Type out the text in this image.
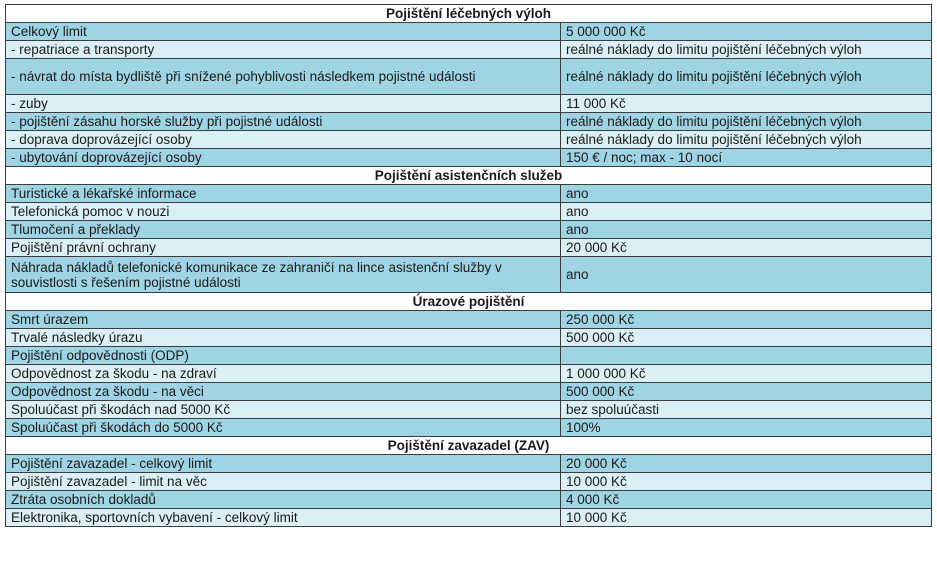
Pojištění léčebných výloh	
Celkový limit	5 000 000 Kč
- repatriace a transporty	reálné náklady do limitu pojištění léčebných výloh
- návrat do místa bydliště při snížené pohyblivosti následkem pojistné události	reálné náklady do limitu pojištění léčebných výloh
- zuby	11 000 Kč
- pojištění zásahu horské služby při pojistné události	reálné náklady do limitu pojištění léčebných výloh
- doprava doprovázející osoby	reálné náklady do limitu pojištění léčebných výloh
- ubytování doprovázející osoby	150 € / noc; max - 10 nocí
Pojištění asistenčních služeb	
Turistické a lékařské informace	ano
Telefonická pomoc v nouzi	ano
Tlumočení a překlady	ano
Pojištění právní ochrany	20 000 Kč
Náhrada nákladů telefonické komunikace ze zahraničí na lince asistenční služby v souvistlosti s řešením pojistné události	ano
Úrazové pojištění	
Smrt úrazem	250 000 Kč
Trvalé následky úrazu	500 000 Kč
Pojištění odpovědnosti (ODP)	
Odpovědnost za škodu - na zdraví	1 000 000 Kč
Odpovědnost za škodu - na věci	500 000 Kč
Spoluúčast při škodách nad 5000 Kč	bez spoluúčasti
Spoluúčast při škodách do 5000 Kč	100%
Pojištění zavazadel (ZAV)	
Pojištění zavazadel - celkový limit	20 000 Kč
Pojištění zavazadel - limit na věc	10 000 Kč
Ztráta osobních dokladů	4 000 Kč
Elektronika, sportovních vybavení - celkový limit	10 000 Kč
